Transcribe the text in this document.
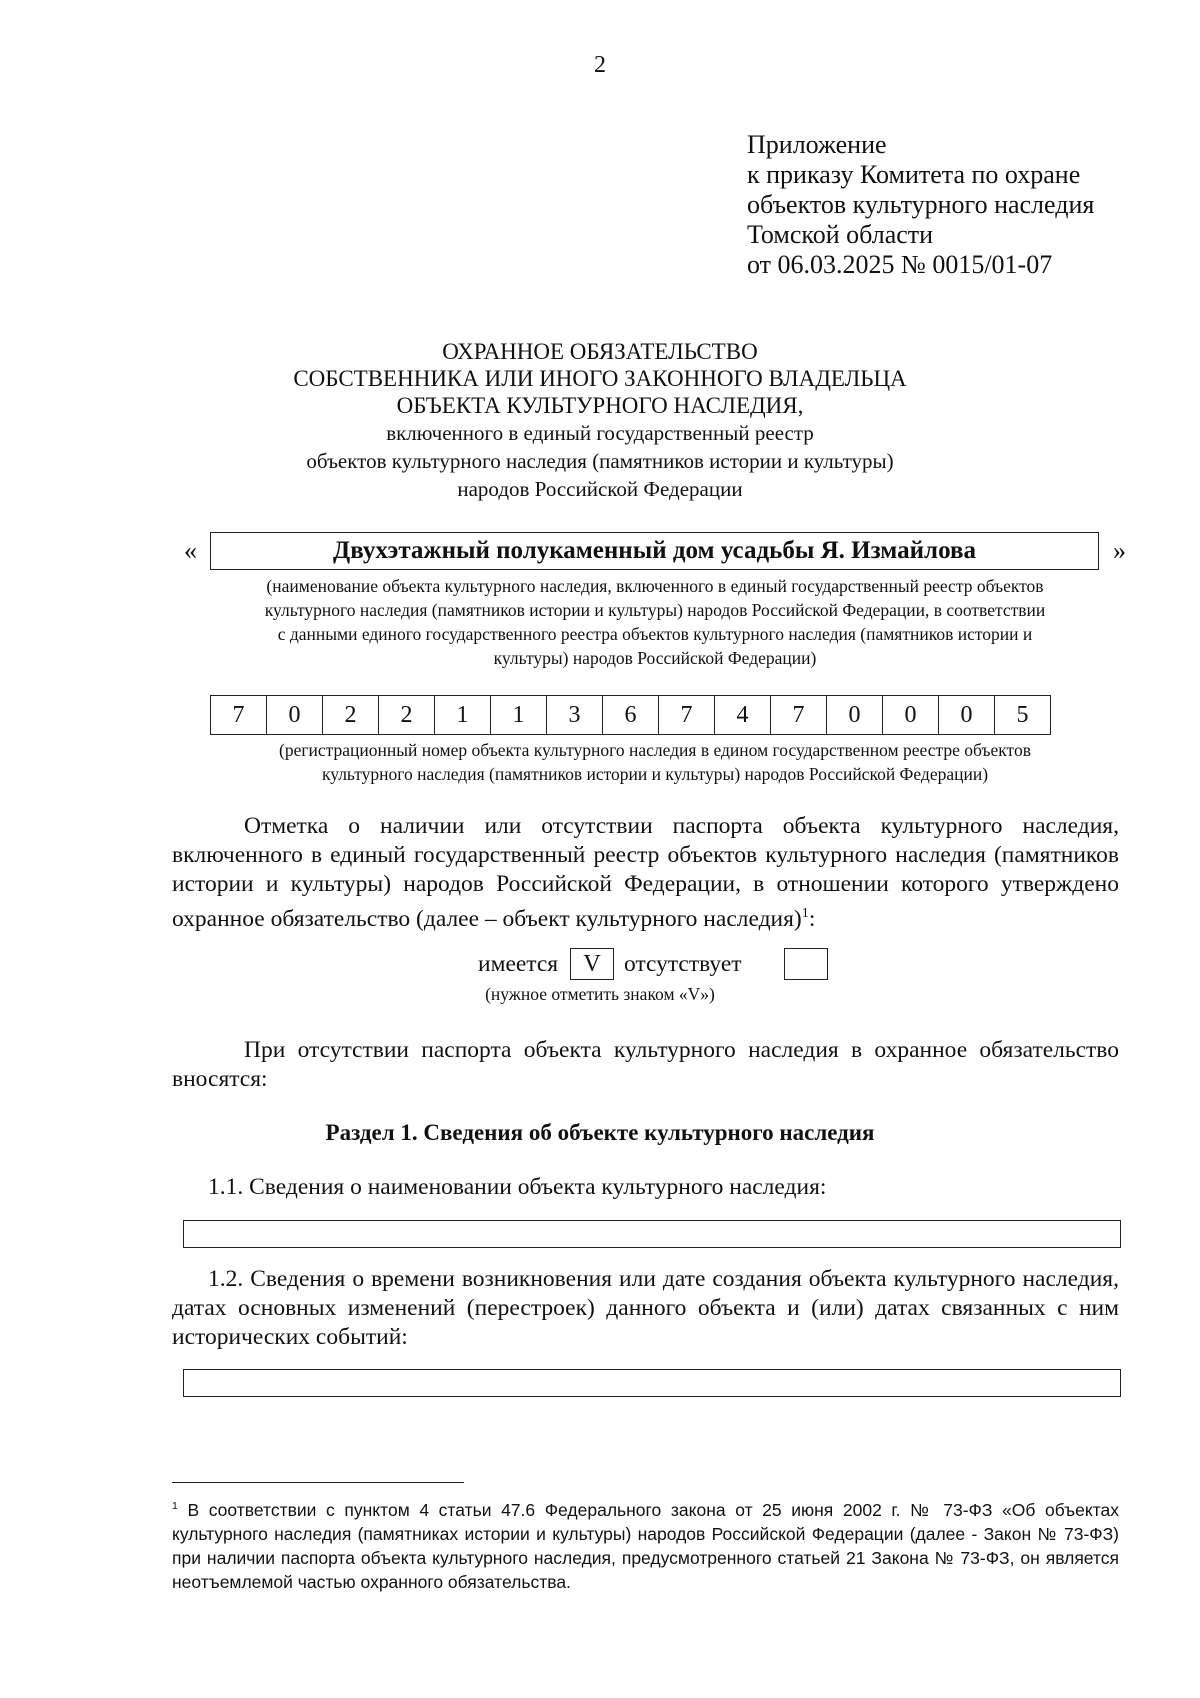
2
Приложение
к приказу Комитета по охране
объектов культурного наследия
Томской области
от 06.03.2025 № 0015/01-07
ОХРАННОЕ ОБЯЗАТЕЛЬСТВО
СОБСТВЕННИКА ИЛИ ИНОГО ЗАКОННОГО ВЛАДЕЛЬЦА
ОБЪЕКТА КУЛЬТУРНОГО НАСЛЕДИЯ,
включенного в единый государственный реестр
объектов культурного наследия (памятников истории и культуры)
народов Российской Федерации
«	Двухэтажный полукаменный дом усадьбы Я. Измайлова	»
(наименование объекта культурного наследия, включенного в единый государственный реестр объектов
культурного наследия (памятников истории и культуры) народов Российской Федерации, в соответствии
с данными единого государственного реестра объектов культурного наследия (памятников истории и
культуры) народов Российской Федерации)
7	0	2	2	1	1	3	6	7	4	7	0	0	0	5
(регистрационный номер объекта культурного наследия в едином государственном реестре объектов
культурного наследия (памятников истории и культуры) народов Российской Федерации)

Отметка о наличии или отсутствии паспорта объекта культурного наследия, включенного в единый государственный реестр объектов культурного наследия (памятников истории и культуры) народов Российской Федерации, в отношении которого утверждено охранное обязательство (далее – объект культурного наследия)$^1$:

имеется	V отсутствует
(нужное отметить знаком «V»)

При отсутствии паспорта объекта культурного наследия в охранное обязательство вносятся:

Раздел 1. Сведения об объекте культурного наследия

1.1. Сведения о наименовании объекта культурного наследия:

1.2. Сведения о времени возникновения или дате создания объекта культурного наследия, датах основных изменений (перестроек) данного объекта и (или) датах связанных с ним исторических событий:

$^1$ В соответствии с пунктом 4 статьи 47.6 Федерального закона от 25 июня 2002 г. № 73-ФЗ «Об объектах культурного наследия (памятниках истории и культуры) народов Российской Федерации (далее - Закон № 73-ФЗ) при наличии паспорта объекта культурного наследия, предусмотренного статьей 21 Закона № 73-ФЗ, он является неотъемлемой частью охранного обязательства.
